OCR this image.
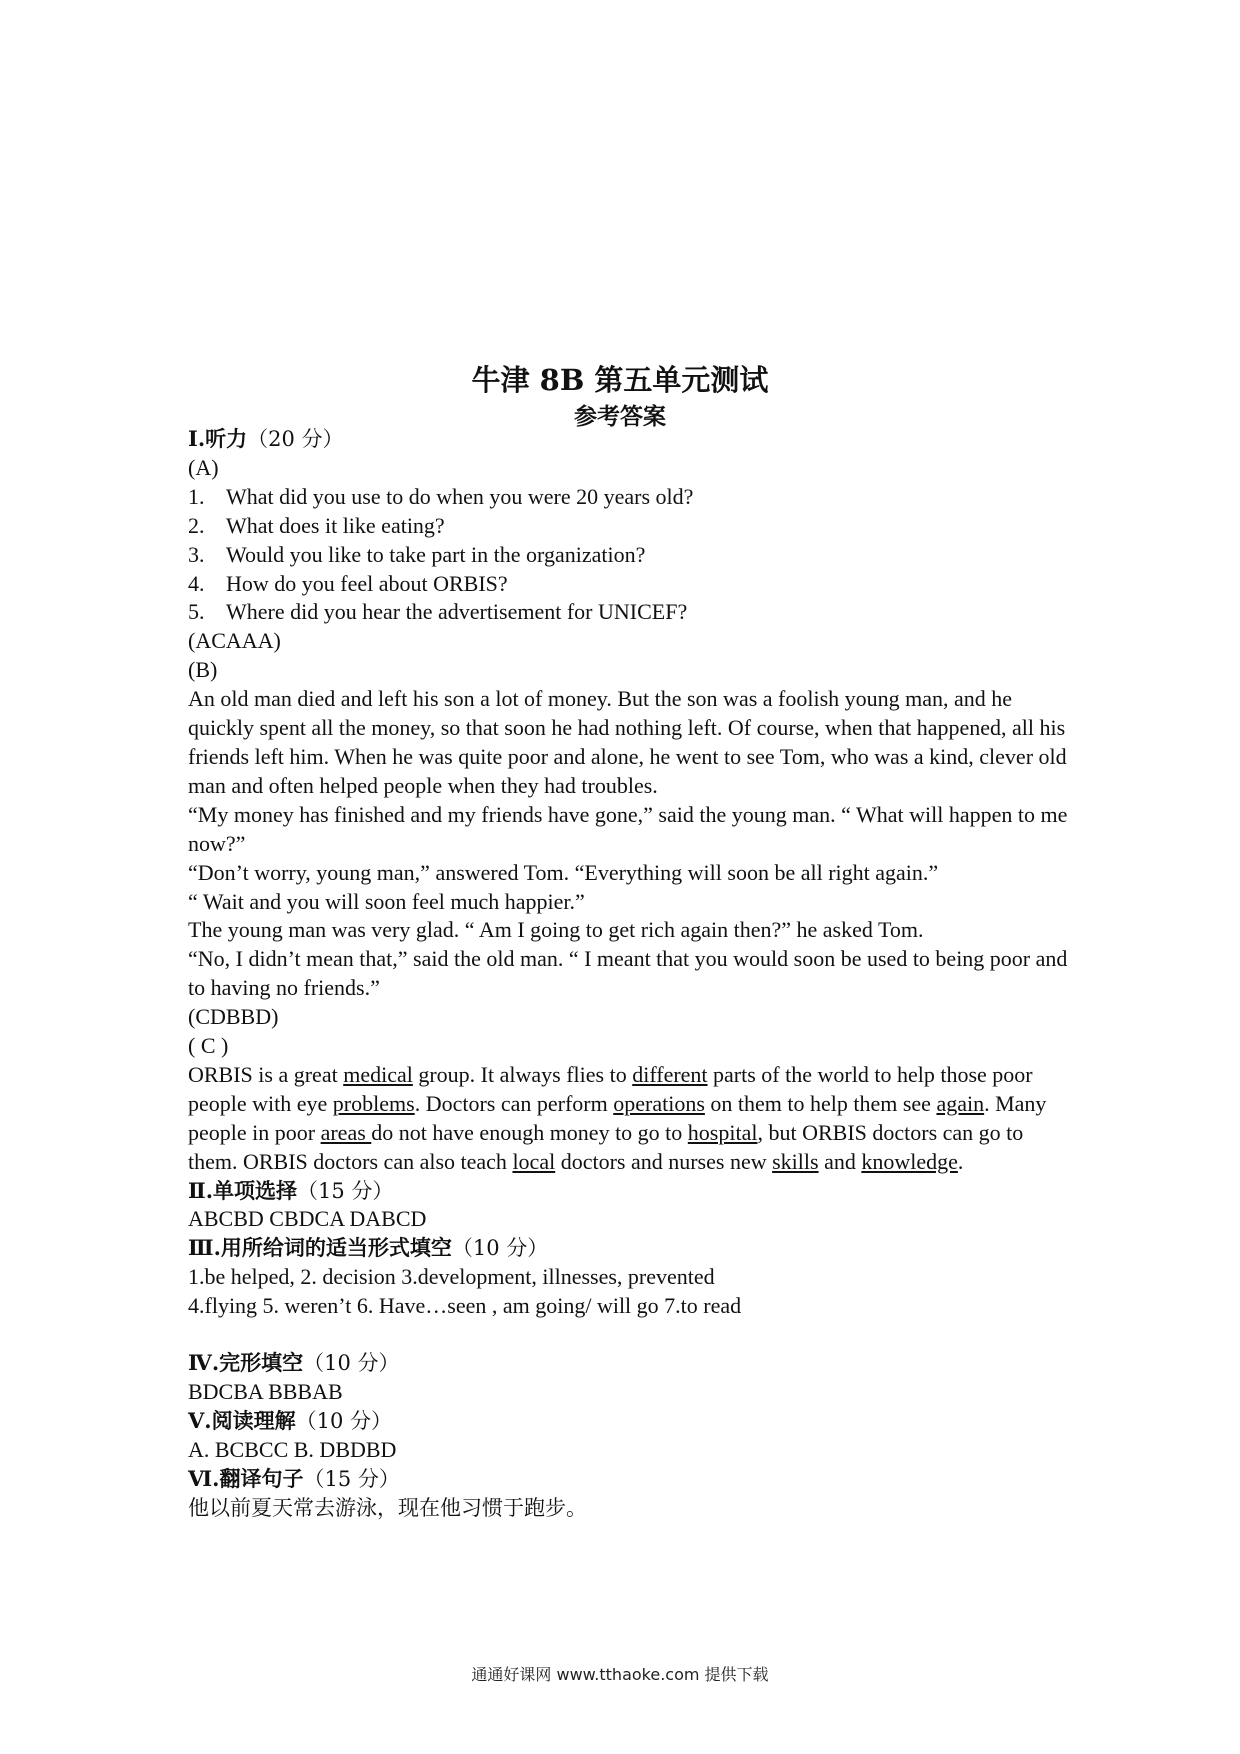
牛津 8B 第五单元测试
参考答案
Ⅰ.听力（20 分）
(A)
1. What did you use to do when you were 20 years old?
2. What does it like eating?
3. Would you like to take part in the organization?
4. How do you feel about ORBIS?
5. Where did you hear the advertisement for UNICEF?
(ACAAA)
(B)
An old man died and left his son a lot of money. But the son was a foolish young man, and he quickly spent all the money, so that soon he had nothing left. Of course, when that happened, all his friends left him. When he was quite poor and alone, he went to see Tom, who was a kind, clever old man and often helped people when they had troubles.
“My money has finished and my friends have gone,” said the young man. “ What will happen to me now?”
“Don’t worry, young man,” answered Tom. “Everything will soon be all right again.”
“ Wait and you will soon feel much happier.”
The young man was very glad. “ Am I going to get rich again then?” he asked Tom.
“No, I didn’t mean that,” said the old man. “ I meant that you would soon be used to being poor and to having no friends.”
(CDBBD)
( C )
ORBIS is a great medical group. It always flies to different parts of the world to help those poor people with eye problems. Doctors can perform operations on them to help them see again. Many people in poor areas do not have enough money to go to hospital, but ORBIS doctors can go to them. ORBIS doctors can also teach local doctors and nurses new skills and knowledge.
Ⅱ.单项选择（15 分）
ABCBD CBDCA DABCD
Ⅲ.用所给词的适当形式填空（10 分）
1.be helped, 2. decision 3.development, illnesses, prevented
4.flying 5. weren’t 6. Have…seen , am going/ will go 7.to read
Ⅳ.完形填空（10 分）
BDCBA BBBAB
Ⅴ.阅读理解（10 分）
A. BCBCC B. DBDBD
Ⅵ.翻译句子（15 分）
他以前夏天常去游泳，现在他习惯于跑步。
通通好课网 www.tthaoke.com 提供下载
